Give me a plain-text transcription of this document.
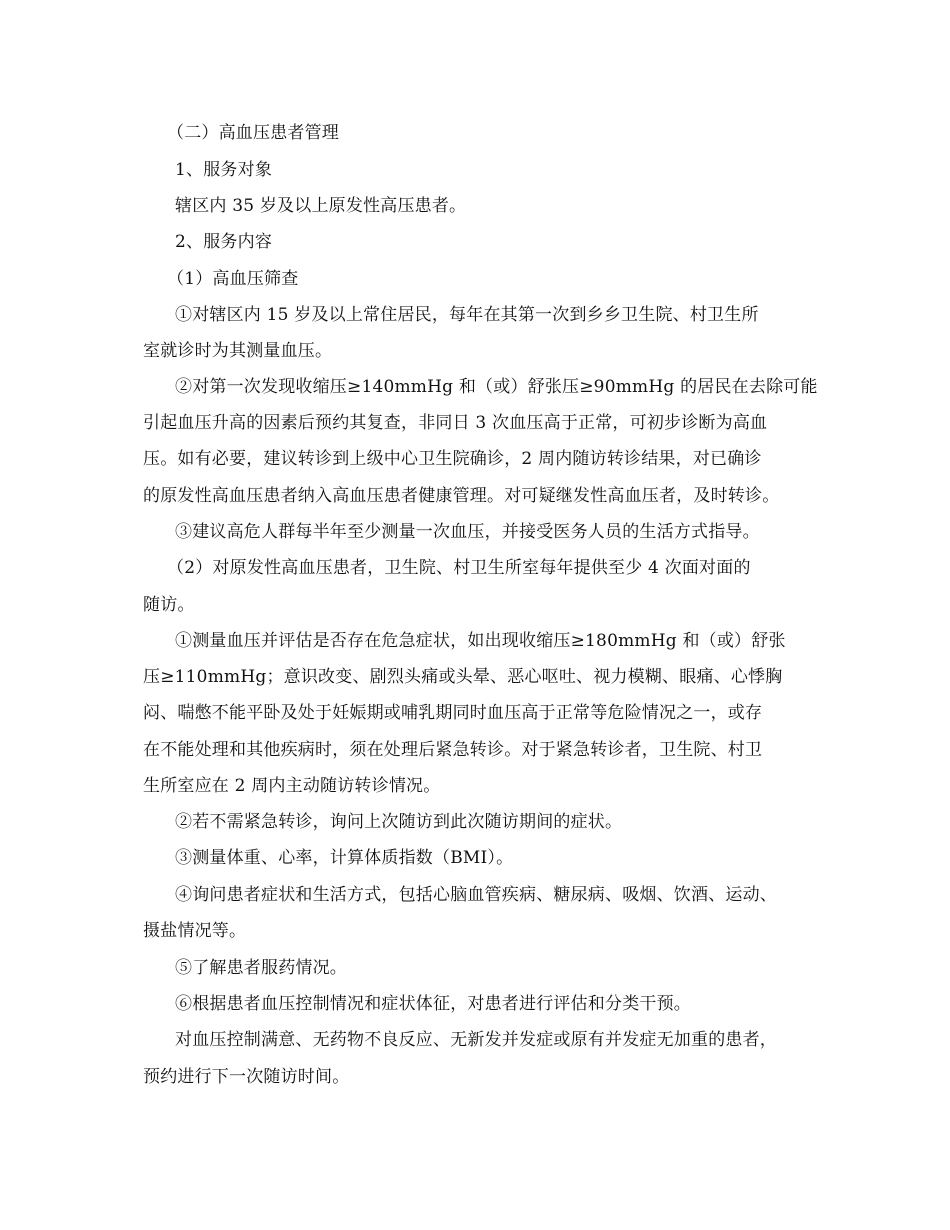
（二）高血压患者管理
1、服务对象
辖区内 35 岁及以上原发性高压患者。
2、服务内容
（1）高血压筛查
①对辖区内 15 岁及以上常住居民，每年在其第一次到乡乡卫生院、村卫生所
室就诊时为其测量血压。
②对第一次发现收缩压≥140mmHg 和（或）舒张压≥90mmHg 的居民在去除可能
引起血压升高的因素后预约其复查，非同日 3 次血压高于正常，可初步诊断为高血
压。如有必要，建议转诊到上级中心卫生院确诊，2 周内随访转诊结果，对已确诊
的原发性高血压患者纳入高血压患者健康管理。对可疑继发性高血压者，及时转诊。
③建议高危人群每半年至少测量一次血压，并接受医务人员的生活方式指导。
（2）对原发性高血压患者，卫生院、村卫生所室每年提供至少 4 次面对面的
随访。
①测量血压并评估是否存在危急症状，如出现收缩压≥180mmHg 和（或）舒张
压≥110mmHg；意识改变、剧烈头痛或头晕、恶心呕吐、视力模糊、眼痛、心悸胸
闷、喘憋不能平卧及处于妊娠期或哺乳期同时血压高于正常等危险情况之一，或存
在不能处理和其他疾病时，须在处理后紧急转诊。对于紧急转诊者，卫生院、村卫
生所室应在 2 周内主动随访转诊情况。
②若不需紧急转诊，询问上次随访到此次随访期间的症状。
③测量体重、心率，计算体质指数（BMI）。
④询问患者症状和生活方式，包括心脑血管疾病、糖尿病、吸烟、饮酒、运动、
摄盐情况等。
⑤了解患者服药情况。
⑥根据患者血压控制情况和症状体征，对患者进行评估和分类干预。
对血压控制满意、无药物不良反应、无新发并发症或原有并发症无加重的患者，
预约进行下一次随访时间。
